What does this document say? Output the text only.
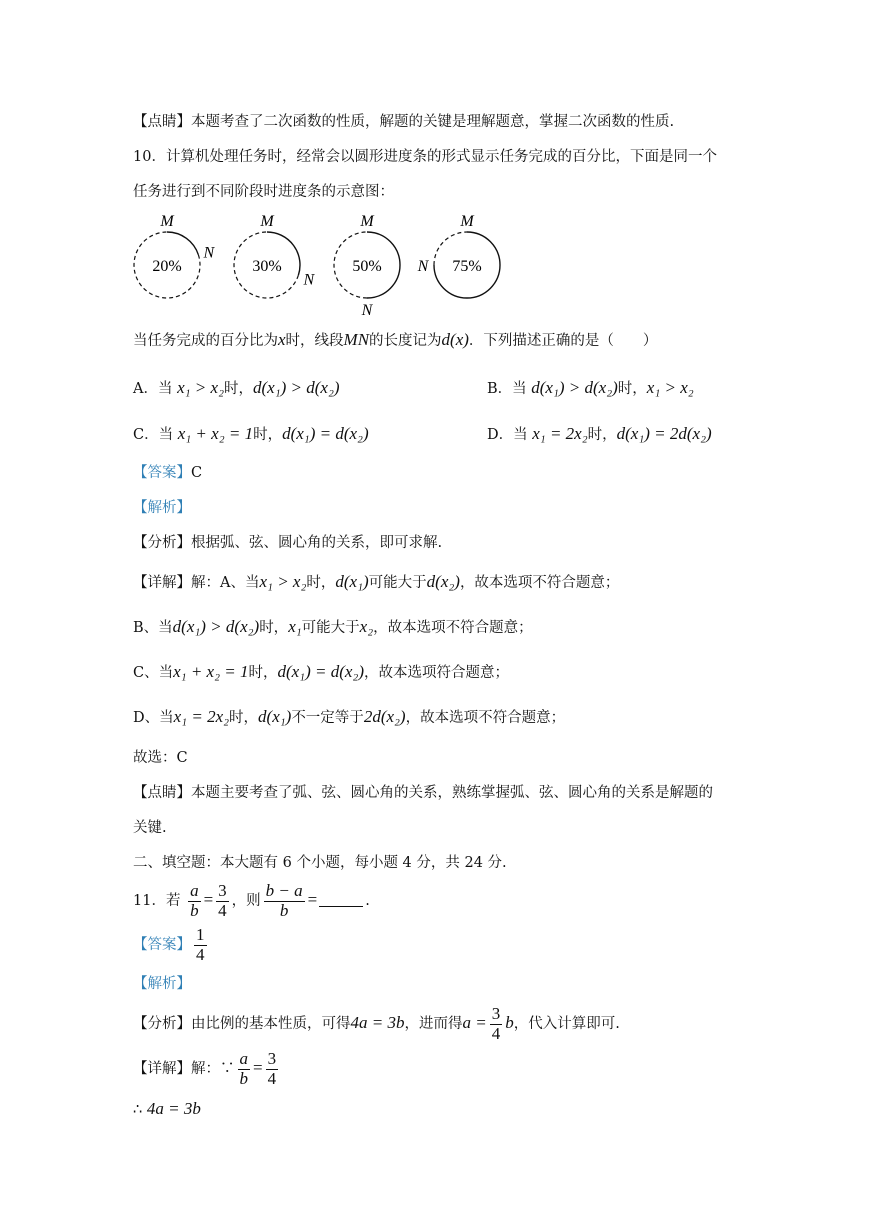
【点睛】本题考查了二次函数的性质，解题的关键是理解题意，掌握二次函数的性质.
10．计算机处理任务时，经常会以圆形进度条的形式显示任务完成的百分比，下面是同一个
任务进行到不同阶段时进度条的示意图：
20%
M
N
30%
M
N
50%
M
N
75%
M
N
当任务完成的百分比为x时，线段MN的长度记为d(x)．下列描述正确的是（　　）
A．当 x₁ > x₂时，d(x₁) > d(x₂)	B．当 d(x₁) > d(x₂)时，x₁ > x₂
C．当 x₁ + x₂ = 1时，d(x₁) = d(x₂)	D．当 x₁ = 2x₂时，d(x₁) = 2d(x₂)
【答案】C
【解析】
【分析】根据弧、弦、圆心角的关系，即可求解.
【详解】解：A、当x₁ > x₂时，d(x₁)可能大于d(x₂)，故本选项不符合题意；
B、当d(x₁) > d(x₂)时，x₁可能大于x₂，故本选项不符合题意；
C、当x₁ + x₂ = 1时，d(x₁) = d(x₂)，故本选项符合题意；
D、当x₁ = 2x₂时，d(x₁)不一定等于2d(x₂)，故本选项不符合题意；
故选：C
【点睛】本题主要考查了弧、弦、圆心角的关系，熟练掌握弧、弦、圆心角的关系是解题的
关键.
二、填空题：本大题有 6 个小题，每小题 4 分，共 24 分.
11．若 $\frac{a}{b} = \frac{3}{4}$ ，则 $\frac{b - a}{b}$ =	.
【答案】 $\frac{1}{4}$
【解析】
【分析】由比例的基本性质，可得4a = 3b，进而得$a = \frac{3}{4}$ b，代入计算即可.
【详解】解：∵ $\frac{a}{b} = \frac{3}{4}$
∴ 4a = 3b
